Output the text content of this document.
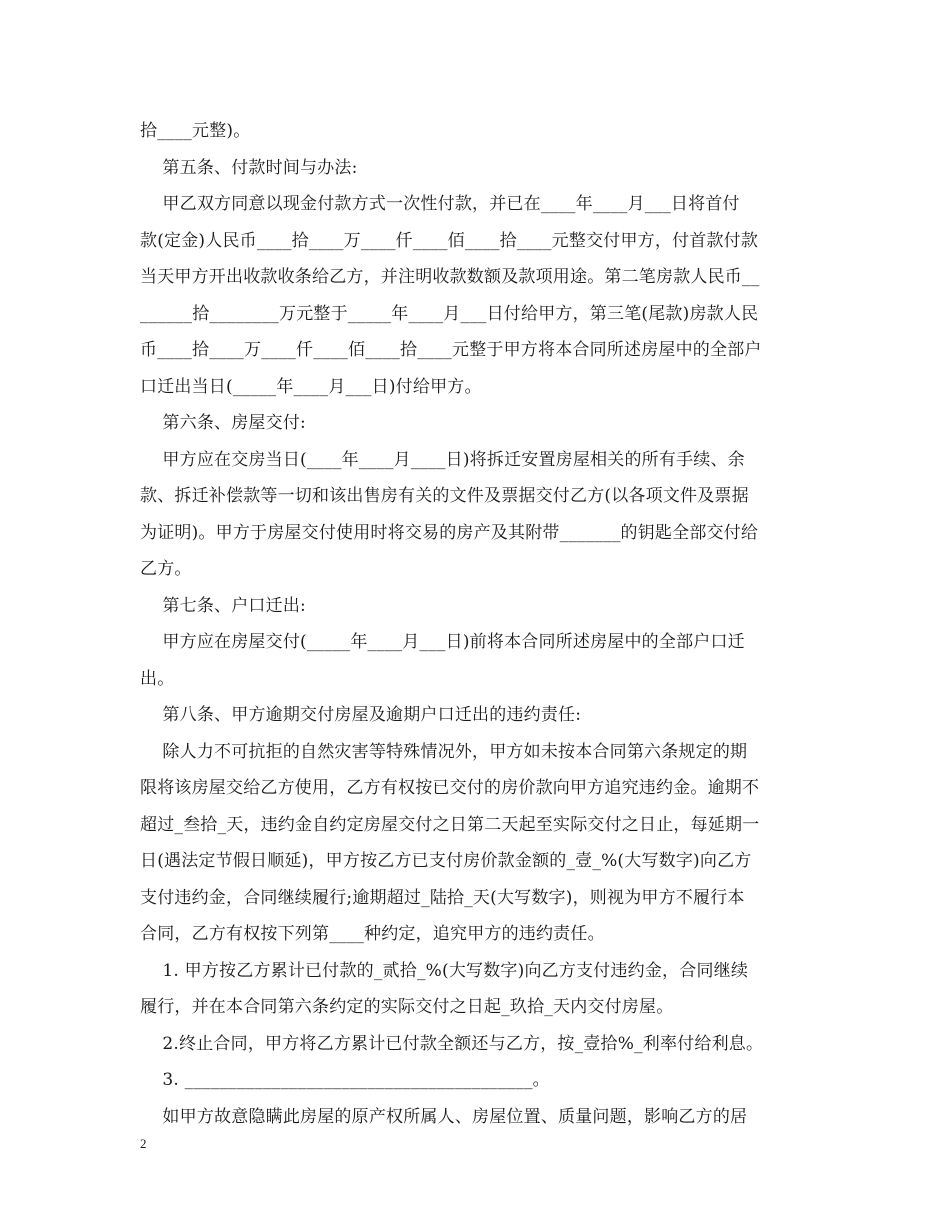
拾____元整)。
第五条、付款时间与办法:
甲乙双方同意以现金付款方式一次性付款，并已在____年____月___日将首付
款(定金)人民币____拾____万____仟____佰____拾____元整交付甲方，付首款付款
当天甲方开出收款收条给乙方，并注明收款数额及款项用途。第二笔房款人民币__
______拾________万元整于_____年____月___日付给甲方，第三笔(尾款)房款人民
币____拾____万____仟____佰____拾____元整于甲方将本合同所述房屋中的全部户
口迁出当日(_____年____月___日)付给甲方。
第六条、房屋交付:
甲方应在交房当日(____年____月____日)将拆迁安置房屋相关的所有手续、余
款、拆迁补偿款等一切和该出售房有关的文件及票据交付乙方(以各项文件及票据
为证明)。甲方于房屋交付使用时将交易的房产及其附带_______的钥匙全部交付给
乙方。
第七条、户口迁出:
甲方应在房屋交付(_____年____月___日)前将本合同所述房屋中的全部户口迁
出。
第八条、甲方逾期交付房屋及逾期户口迁出的违约责任:
除人力不可抗拒的自然灾害等特殊情况外，甲方如未按本合同第六条规定的期
限将该房屋交给乙方使用，乙方有权按已交付的房价款向甲方追究违约金。逾期不
超过_叁拾_天，违约金自约定房屋交付之日第二天起至实际交付之日止，每延期一
日(遇法定节假日顺延)，甲方按乙方已支付房价款金额的_壹_%(大写数字)向乙方
支付违约金，合同继续履行;逾期超过_陆拾_天(大写数字)，则视为甲方不履行本
合同，乙方有权按下列第____种约定，追究甲方的违约责任。
1. 甲方按乙方累计已付款的_贰拾_%(大写数字)向乙方支付违约金，合同继续
履行，并在本合同第六条约定的实际交付之日起_玖拾_天内交付房屋。
2.终止合同，甲方将乙方累计已付款全额还与乙方，按_壹拾%_利率付给利息。
3. ________________________________________。
如甲方故意隐瞒此房屋的原产权所属人、房屋位置、质量问题，影响乙方的居
2
